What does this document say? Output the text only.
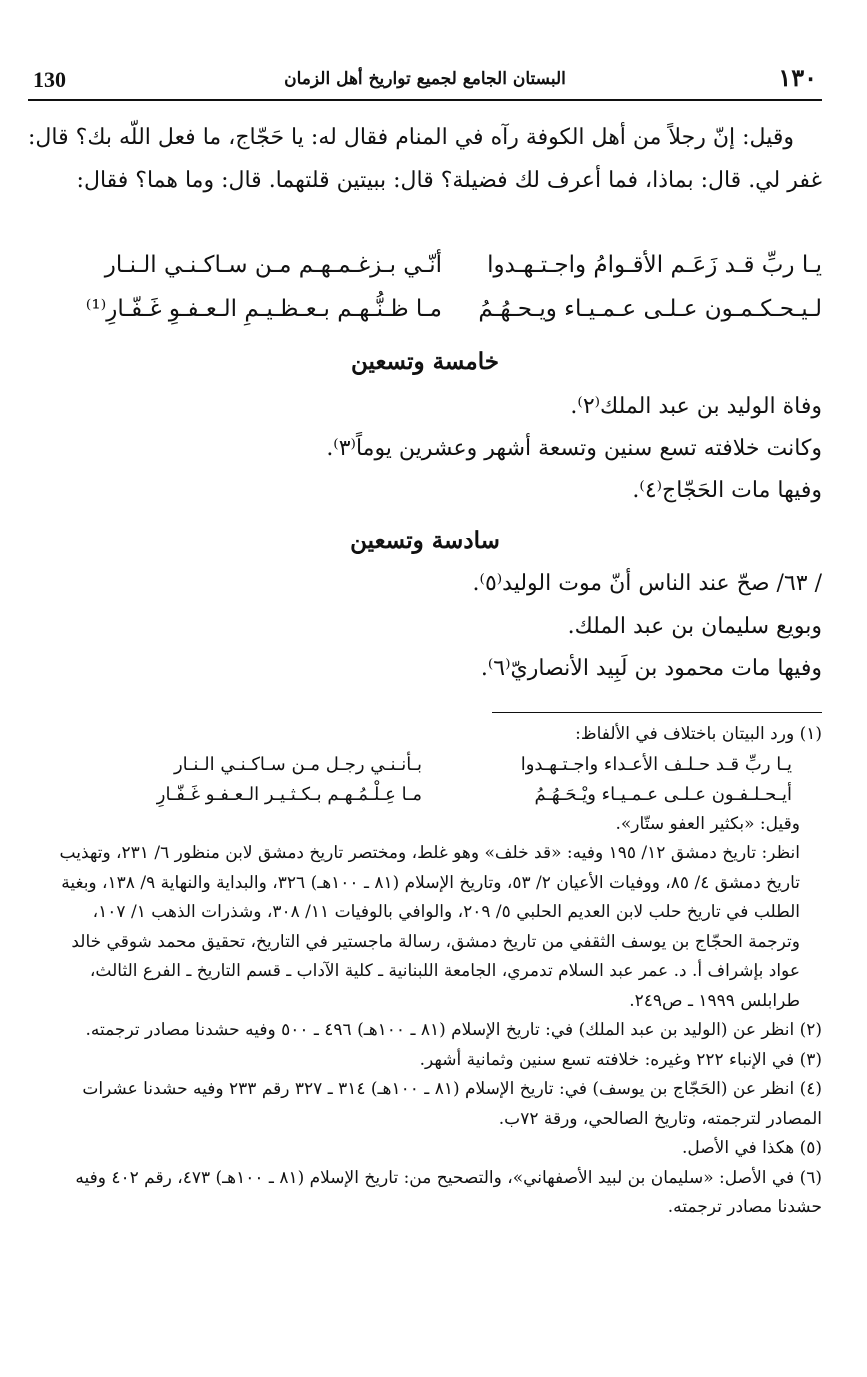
130	البستان الجامع لجميع تواريخ أهل الزمان	١٣٠

وقيل: إنّ رجلاً من أهل الكوفة رآه في المنام فقال له: يا حَجّاج، ما فعل اللّه بك؟ قال: غفر لي. قال: بماذا، فما أعرف لك فضيلة؟ قال: ببيتين قلتهما. قال: وما هما؟ فقال:

يـا ربِّ قـد زَعَـم الأقـوامُ واجـتـهـدوا
أنّـي بـزغـمـهـم مـن سـاكـنـي الـنـار
لـيـحـكـمـون عـلـى عـمـيـاء ويـحـهُـمُ
مـا ظـنُّـهـم بـعـظـيـمِ الـعـفـوِ غَـفّـارِ⁽¹⁾
خامسة وتسعين
وفاة الوليد بن عبد الملك⁽٢⁾.
وكانت خلافته تسع سنين وتسعة أشهر وعشرين يوماً⁽٣⁾.
وفيها مات الحَجّاج⁽٤⁾.
سادسة وتسعين
/ ٦٣/ صحّ عند الناس أنّ موت الوليد⁽٥⁾.
وبويع سليمان بن عبد الملك.
وفيها مات محمود بن لَبِيد الأنصاريّ⁽٦⁾.

(١) ورد البيتان باختلاف في الألفاظ:

يـا ربِّ قـد حـلـف الأعـداء واجـتـهـدوا
بـأنـنـي رجـل مـن سـاكـنـي الـنـار
أيـحـلـفـون عـلـى عـمـيـاء ويْـحَـهُـمُ
مـا عِـلْـمُـهـم بـكـثـيـر الـعـفـو غَـفّـارِ

وقيل: «بكثير العفو ستّار».

انظر: تاريخ دمشق ١٢/ ١٩٥ وفيه: «قد خلف» وهو غلط، ومختصر تاريخ دمشق لابن منظور ٦/ ٢٣١، وتهذيب تاريخ دمشق ٤/ ٨٥، ووفيات الأعيان ٢/ ٥٣، وتاريخ الإسلام (٨١ ـ ١٠٠هـ) ٣٢٦، والبداية والنهاية ٩/ ١٣٨، وبغية الطلب في تاريخ حلب لابن العديم الحلبي ٥/ ٢٠٩، والوافي بالوفيات ١١/ ٣٠٨، وشذرات الذهب ١/ ١٠٧، وترجمة الحجّاج بن يوسف الثقفي من تاريخ دمشق، رسالة ماجستير في التاريخ، تحقيق محمد شوقي خالد عواد بإشراف أ. د. عمر عبد السلام تدمري، الجامعة اللبنانية ـ كلية الآداب ـ قسم التاريخ ـ الفرع الثالث، طرابلس ١٩٩٩ ـ ص٢٤٩.

(٢) انظر عن (الوليد بن عبد الملك) في: تاريخ الإسلام (٨١ ـ ١٠٠هـ) ٤٩٦ ـ ٥٠٠ وفيه حشدنا مصادر ترجمته.

(٣) في الإنباء ٢٢٢ وغيره: خلافته تسع سنين وثمانية أشهر.

(٤) انظر عن (الحَجّاج بن يوسف) في: تاريخ الإسلام (٨١ ـ ١٠٠هـ) ٣١٤ ـ ٣٢٧ رقم ٢٣٣ وفيه حشدنا عشرات المصادر لترجمته، وتاريخ الصالحي، ورقة ٧٢ب.

(٥) هكذا في الأصل.

(٦) في الأصل: «سليمان بن لبيد الأصفهاني»، والتصحيح من: تاريخ الإسلام (٨١ ـ ١٠٠هـ) ٤٧٣، رقم ٤٠٢ وفيه حشدنا مصادر ترجمته.
